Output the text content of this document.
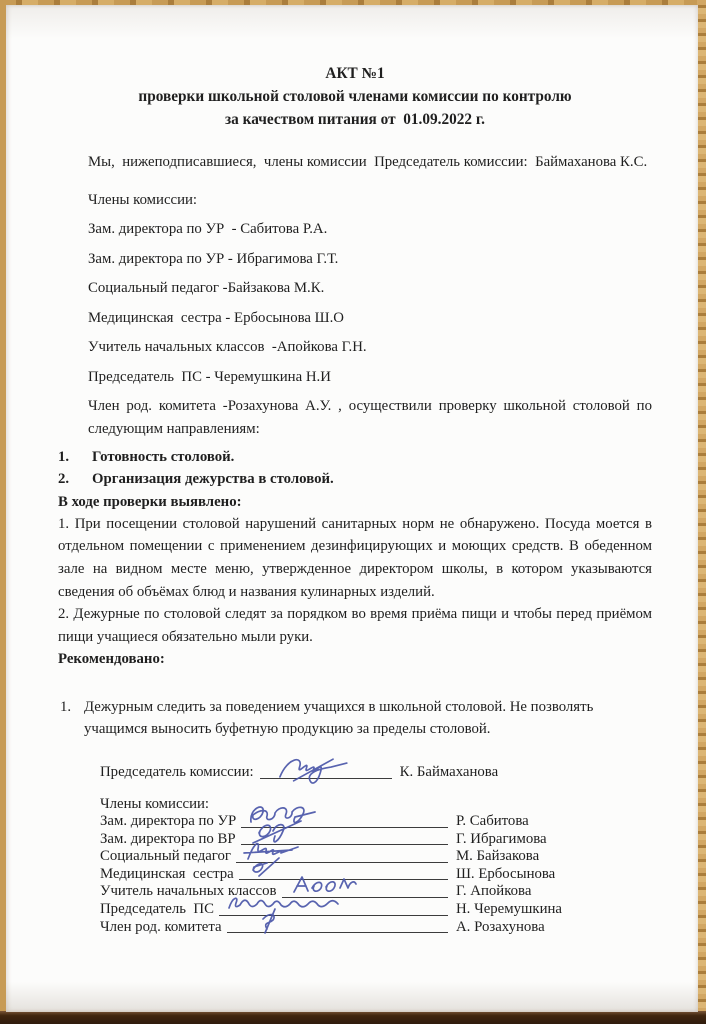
АКТ №1

проверки школьной столовой членами комиссии по контролю

за качеством питания от  01.09.2022 г.

Мы,  нижеподписавшиеся,  члены комиссии  Председатель комиссии:  Баймаханова К.С.

Члены комиссии:

Зам. директора по УР  - Сабитова Р.А.

Зам. директора по УР - Ибрагимова Г.Т.

Социальный педагог -Байзакова М.К.

Медицинская  сестра - Ербосынова Ш.О

Учитель начальных классов  -Апойкова Г.Н.

Председатель  ПС - Черемушкина Н.И

Член род. комитета -Розахунова А.У. , осуществили проверку школьной столовой по следующим направлениям:

1.	Готовность столовой.
2.	Организация дежурства в столовой.

В ходе проверки выявлено:

1. При посещении столовой нарушений санитарных норм не обнаружено. Посуда моется в отдельном помещении с применением дезинфицирующих и моющих средств. В обеденном зале на видном месте меню, утвержденное директором школы, в котором указываются сведения об объёмах блюд и названия кулинарных изделий.

2. Дежурные по столовой следят за порядком во время приёма пищи и чтобы перед приёмом пищи учащиеся обязательно мыли руки.

Рекомендовано:

1. Дежурным следить за поведением учащихся в школьной столовой. Не позволять учащимся выносить буфетную продукцию за пределы столовой.
Председатель комиссии:	К. Баймаханова

Члены комиссии:

Зам. директора по УР	Р. Сабитова
Зам. директора по ВР	Г. Ибрагимова
Социальный педагог	М. Байзакова
Медицинская  сестра	Ш. Ербосынова
Учитель начальных классов	Г. Апойкова
Председатель  ПС	Н. Черемушкина
Член род. комитета	А. Розахунова
